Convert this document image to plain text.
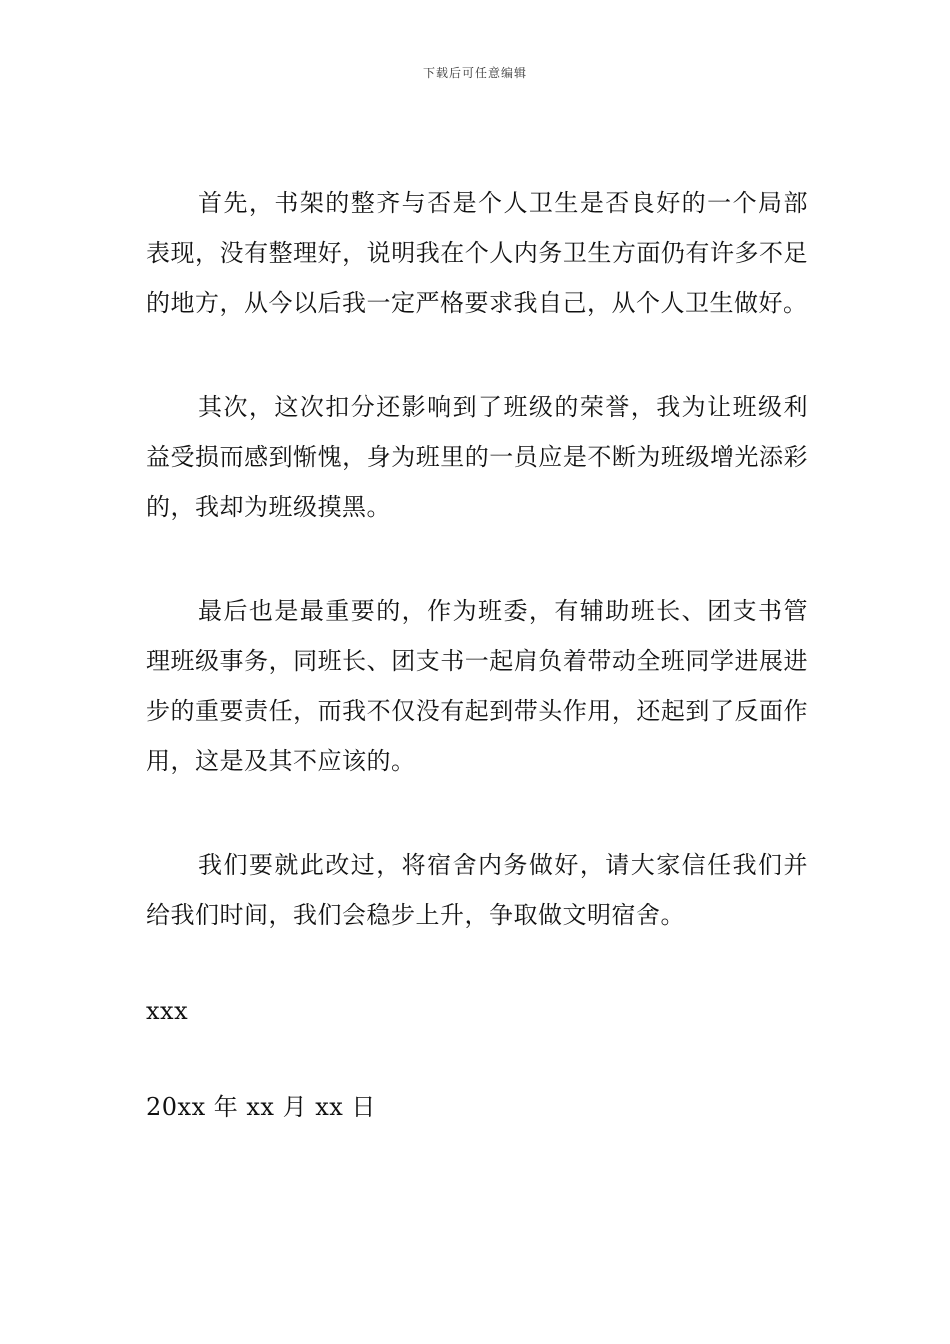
下载后可任意编辑

首先，书架的整齐与否是个人卫生是否良好的一个局部表现，没有整理好，说明我在个人内务卫生方面仍有许多不足的地方，从今以后我一定严格要求我自己，从个人卫生做好。

其次，这次扣分还影响到了班级的荣誉，我为让班级利益受损而感到惭愧，身为班里的一员应是不断为班级增光添彩的，我却为班级摸黑。

最后也是最重要的，作为班委，有辅助班长、团支书管理班级事务，同班长、团支书一起肩负着带动全班同学进展进步的重要责任，而我不仅没有起到带头作用，还起到了反面作用，这是及其不应该的。

我们要就此改过，将宿舍内务做好，请大家信任我们并给我们时间，我们会稳步上升，争取做文明宿舍。

xxx

20xx 年 xx 月 xx 日
